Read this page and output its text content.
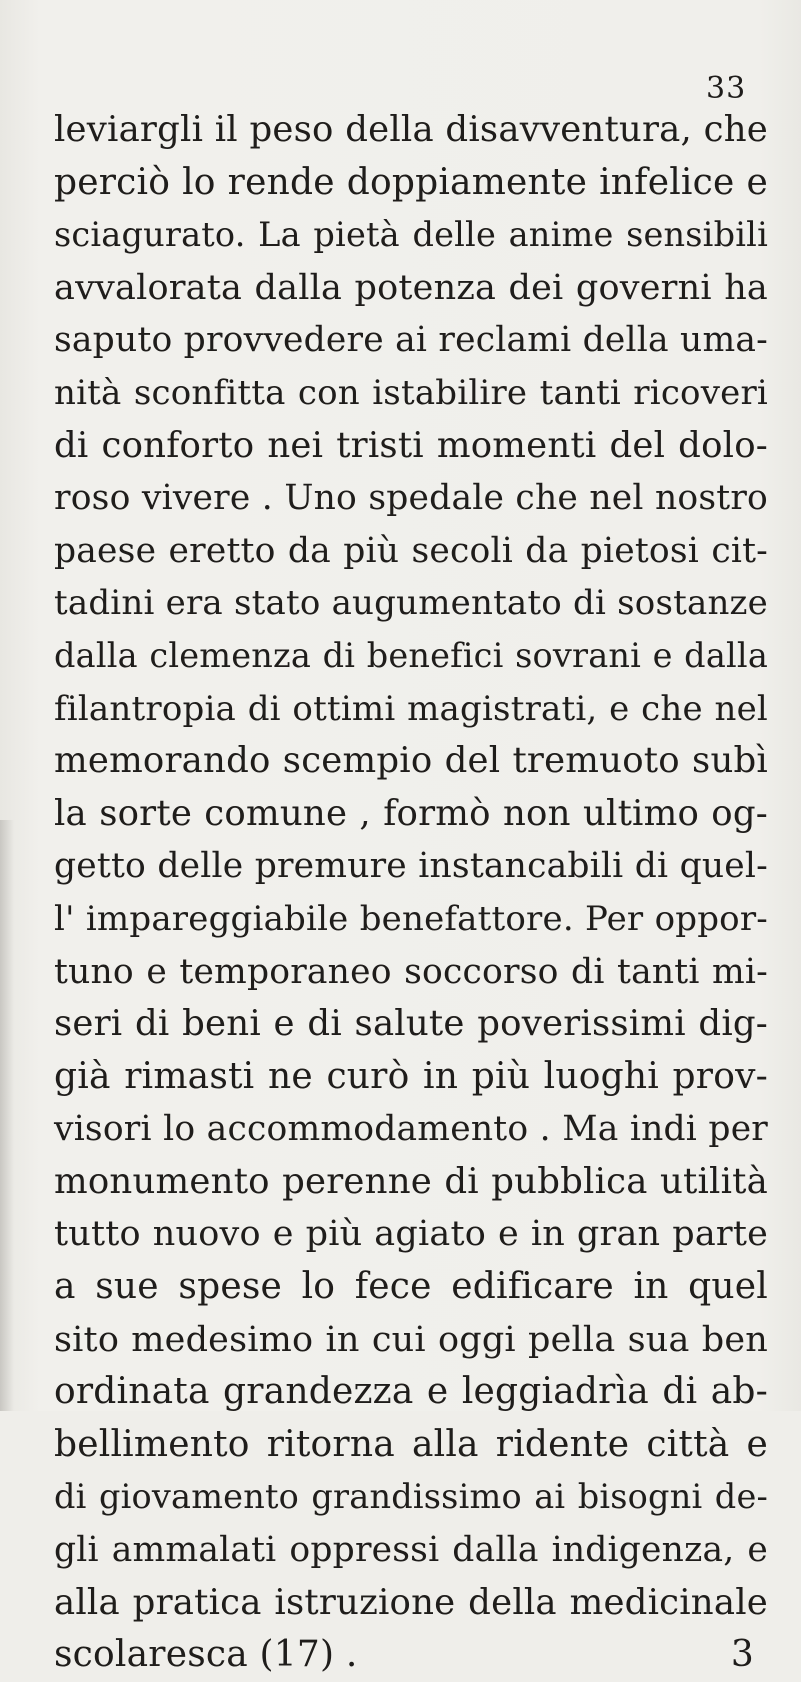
33
leviargli il peso della disavventura, che
perciò lo rende doppiamente infelice e
sciagurato. La pietà delle anime sensibili
avvalorata dalla potenza dei governi ha
saputo provvedere ai reclami della uma-
nità sconfitta con istabilire tanti ricoveri
di conforto nei tristi momenti del dolo-
roso vivere . Uno spedale che nel nostro
paese eretto da più secoli da pietosi cit-
tadini era stato augumentato di sostanze
dalla clemenza di benefici sovrani e dalla
filantropia di ottimi magistrati, e che nel
memorando scempio del tremuoto subì
la sorte comune , formò non ultimo og-
getto delle premure instancabili di quel-
l' impareggiabile benefattore. Per oppor-
tuno e temporaneo soccorso di tanti mi-
seri di beni e di salute poverissimi dig-
già rimasti ne curò in più luoghi prov-
visori lo accommodamento . Ma indi per
monumento perenne di pubblica utilità
tutto nuovo e più agiato e in gran parte
a sue spese lo fece edificare in quel
sito medesimo in cui oggi pella sua ben
ordinata grandezza e leggiadrìa di ab-
bellimento ritorna alla ridente città e
di giovamento grandissimo ai bisogni de-
gli ammalati oppressi dalla indigenza, e
alla pratica istruzione della medicinale
scolaresca (17) .	3
